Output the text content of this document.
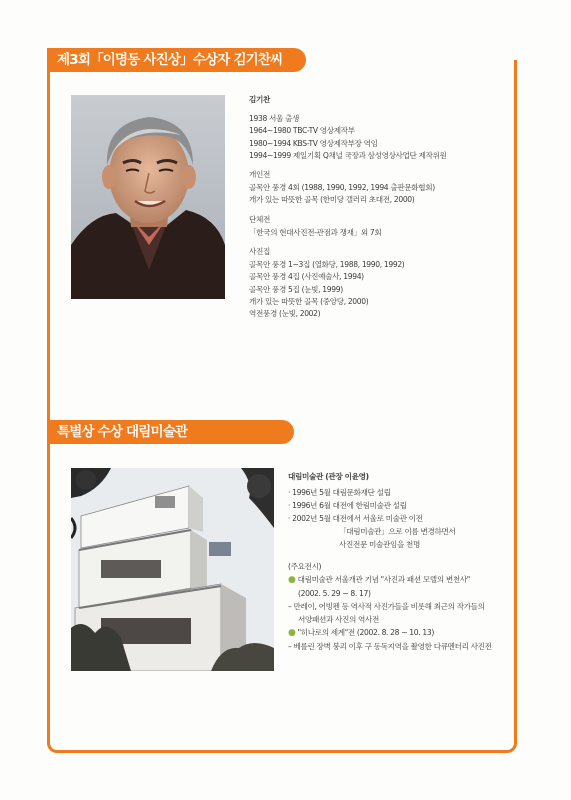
제3회「이명동 사진상」수상자 김기찬씨
김기찬
1938 서울 출생
1964~1980 TBC-TV 영상제작부
1980~1994 KBS-TV 영상제작부장 역임
1994~1999 제일기획 Q채널 국장과 삼성영상사업단 제작위원
개인전
골목안 풍경 4회 (1988, 1990, 1992, 1994 출판문화협회)
개가 있는 따뜻한 골목 (한미당 갤러리 초대전, 2000)
단체전
「한국의 현대사진전-관점과 쟁재」외 7회
사진집
골목안 풍경 1~3집 (열화당, 1988, 1990, 1992)
골목안 풍경 4집 (사진예술사, 1994)
골목안 풍경 5집 (눈빛, 1999)
개가 있는 따뜻한 골목 (중앙당, 2000)
역전풍경 (눈빛, 2002)
특별상 수상 대림미술관
대림미술관 (관장 이윤영)
· 1996년 5월 대림문화재단 설립
· 1996년 6월 대전에 한림미술관 설립
· 2002년 5월 대전에서 서울로 미술관 이전
「대림미술관」으로 이름 변경하면서
사진전문 미술관임을 천명
(주요전시)
● 대림미술관 서울개관 기념 "사진과 패션 모델의 변천사"
(2002. 5. 29 ~ 8. 17)
– 만레이, 어빙펜 등 역사적 사진가들을 비롯해 최근의 작가들의
서양패션과 사진의 역사전
● "히나로의 세계"전 (2002. 8. 28 ~ 10. 13)
– 베를린 장벽 붕괴 이후 구 동독지역을 촬영한 다큐멘터리 사진전
